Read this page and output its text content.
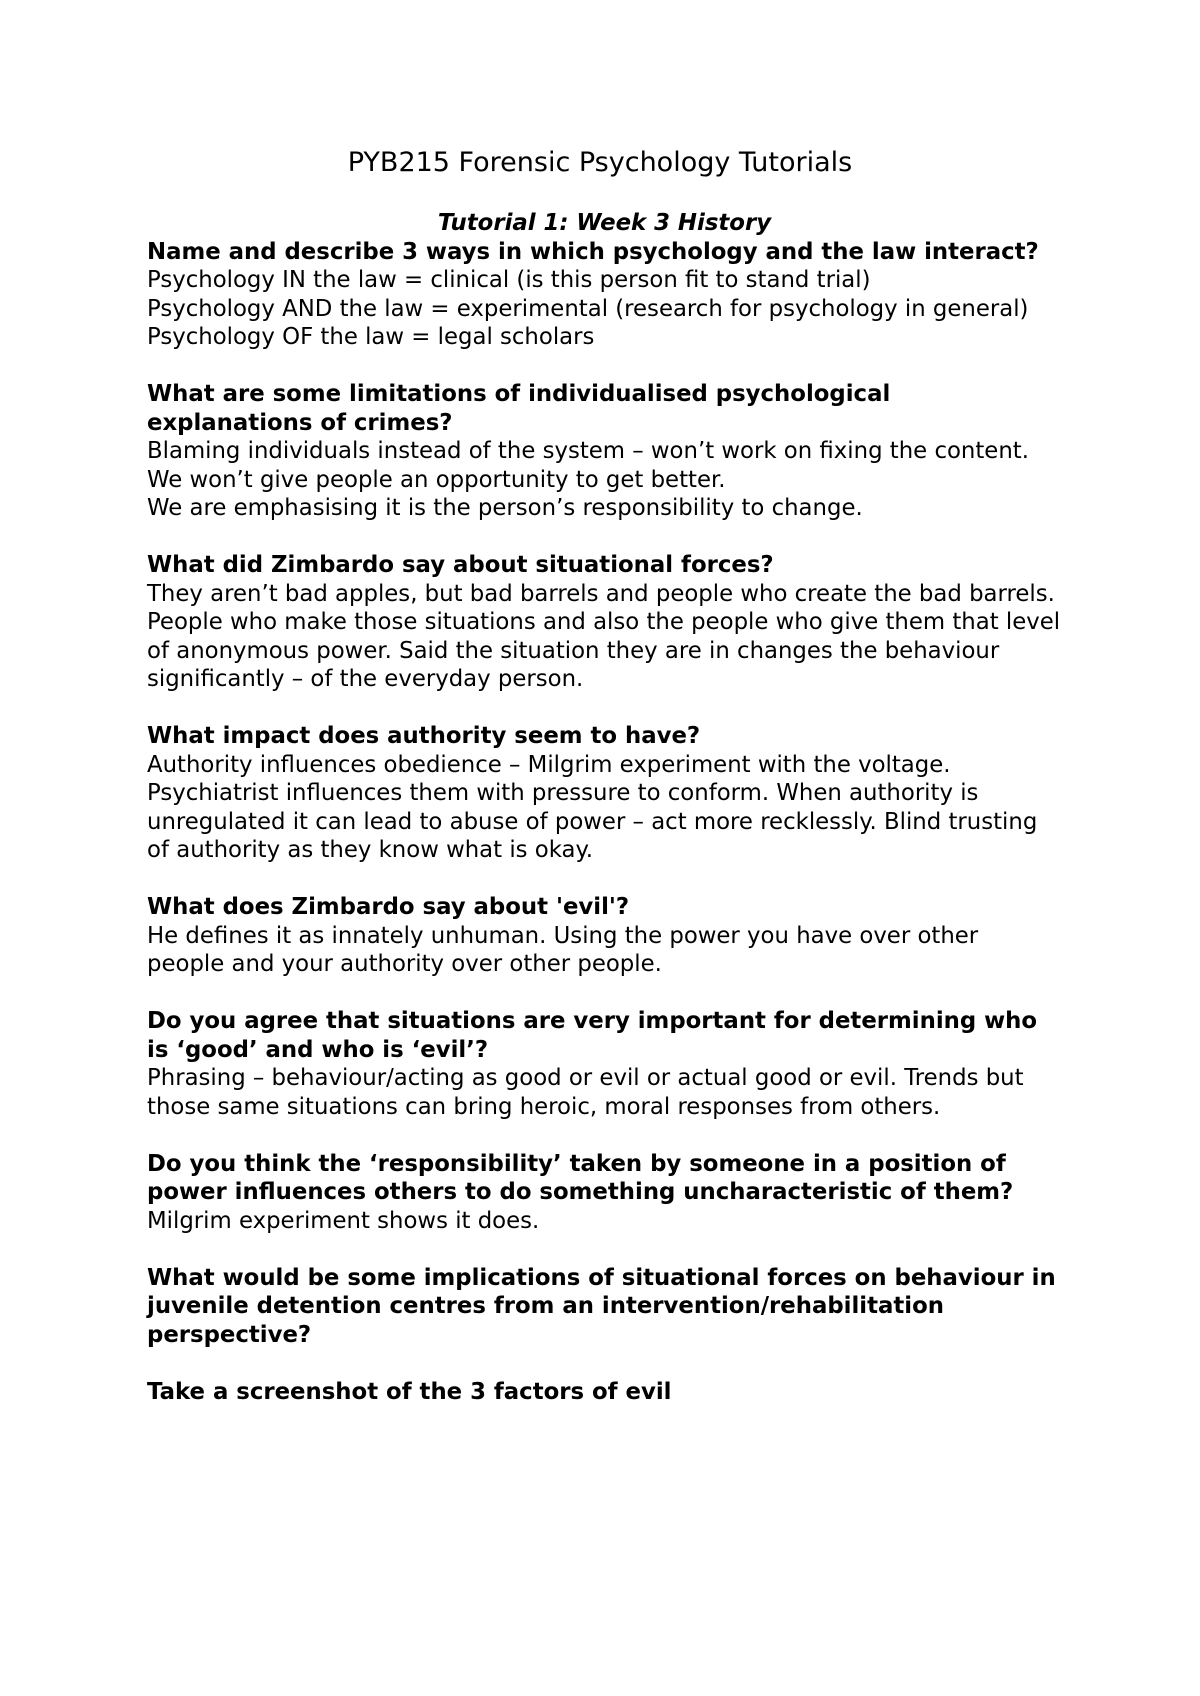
PYB215 Forensic Psychology Tutorials

Tutorial 1: Week 3 History

Name and describe 3 ways in which psychology and the law interact?

Psychology IN the law = clinical (is this person fit to stand trial)

Psychology AND the law = experimental (research for psychology in general)

Psychology OF the law = legal scholars

What are some limitations of individualised psychological explanations of crimes?

Blaming individuals instead of the system – won’t work on fixing the content.

We won’t give people an opportunity to get better.

We are emphasising it is the person’s responsibility to change.

What did Zimbardo say about situational forces?

They aren’t bad apples, but bad barrels and people who create the bad barrels. People who make those situations and also the people who give them that level of anonymous power. Said the situation they are in changes the behaviour significantly – of the everyday person.

What impact does authority seem to have?

Authority influences obedience – Milgrim experiment with the voltage. Psychiatrist influences them with pressure to conform. When authority is unregulated it can lead to abuse of power – act more recklessly. Blind trusting of authority as they know what is okay.

What does Zimbardo say about 'evil'?

He defines it as innately unhuman. Using the power you have over other people and your authority over other people.

Do you agree that situations are very important for determining who is ‘good’ and who is ‘evil’?

Phrasing – behaviour/acting as good or evil or actual good or evil. Trends but those same situations can bring heroic, moral responses from others.

Do you think the ‘responsibility’ taken by someone in a position of power influences others to do something uncharacteristic of them?

Milgrim experiment shows it does.

What would be some implications of situational forces on behaviour in juvenile detention centres from an intervention/rehabilitation perspective?

Take a screenshot of the 3 factors of evil
